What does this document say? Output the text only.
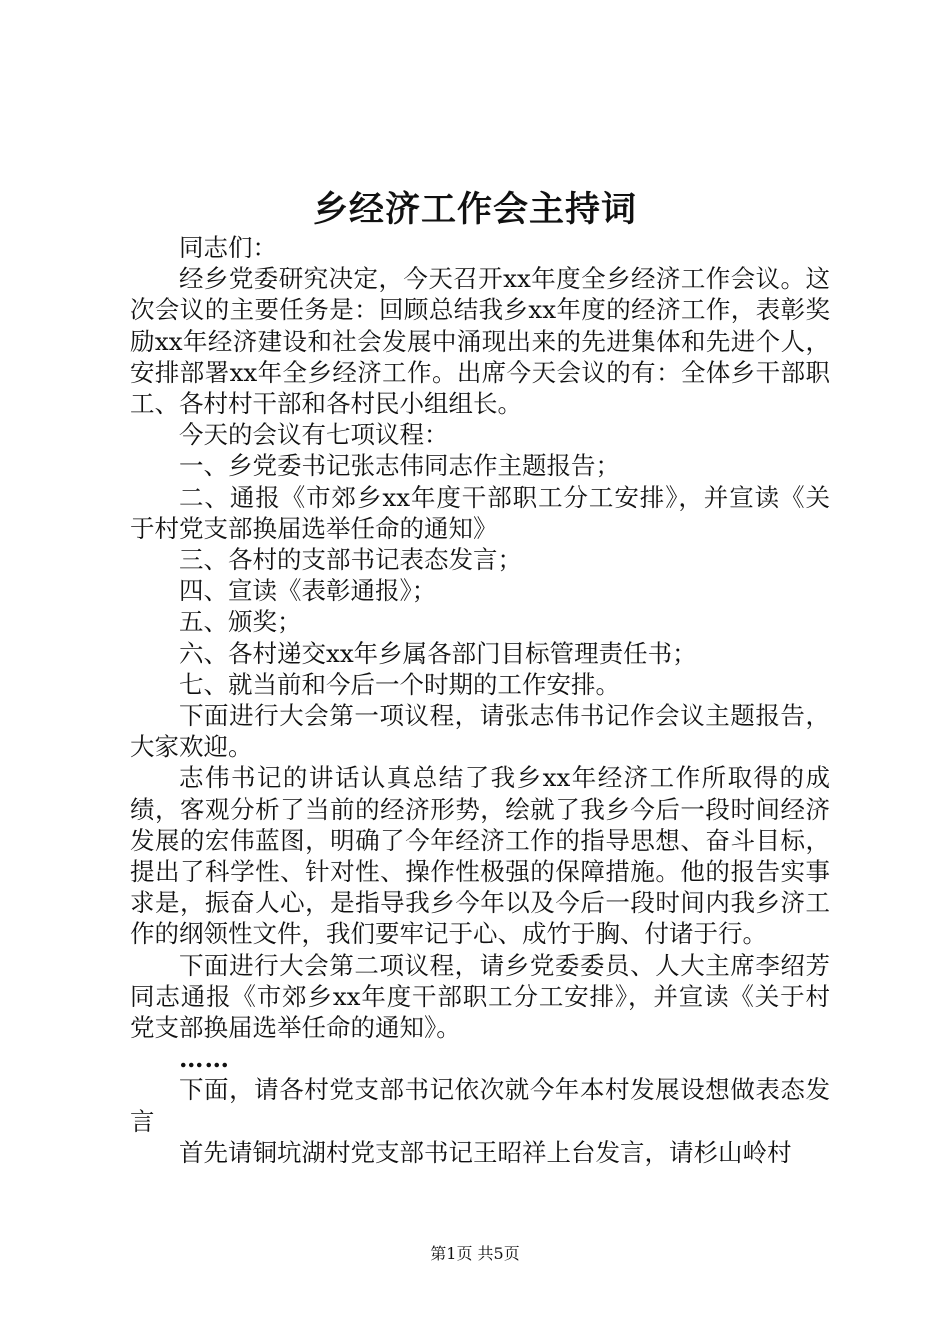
乡经济工作会主持词

同志们：

经乡党委研究决定，今天召开xx年度全乡经济工作会议。这次会议的主要任务是：回顾总结我乡xx年度的经济工作，表彰奖励xx年经济建设和社会发展中涌现出来的先进集体和先进个人，安排部署xx年全乡经济工作。出席今天会议的有：全体乡干部职工、各村村干部和各村民小组组长。

今天的会议有七项议程：

一、乡党委书记张志伟同志作主题报告；

二、通报《市郊乡xx年度干部职工分工安排》，并宣读《关于村党支部换届选举任命的通知》

三、各村的支部书记表态发言；

四、宣读《表彰通报》；

五、颁奖；

六、各村递交xx年乡属各部门目标管理责任书；

七、就当前和今后一个时期的工作安排。

下面进行大会第一项议程，请张志伟书记作会议主题报告，大家欢迎。

志伟书记的讲话认真总结了我乡xx年经济工作所取得的成绩，客观分析了当前的经济形势，绘就了我乡今后一段时间经济发展的宏伟蓝图，明确了今年经济工作的指导思想、奋斗目标，提出了科学性、针对性、操作性极强的保障措施。他的报告实事求是，振奋人心，是指导我乡今年以及今后一段时间内我乡济工作的纲领性文件，我们要牢记于心、成竹于胸、付诸于行。

下面进行大会第二项议程，请乡党委委员、人大主席李绍芳同志通报《市郊乡xx年度干部职工分工安排》，并宣读《关于村党支部换届选举任命的通知》。

……

下面，请各村党支部书记依次就今年本村发展设想做表态发言

首先请铜坑湖村党支部书记王昭祥上台发言，请杉山岭村

第1页 共5页
